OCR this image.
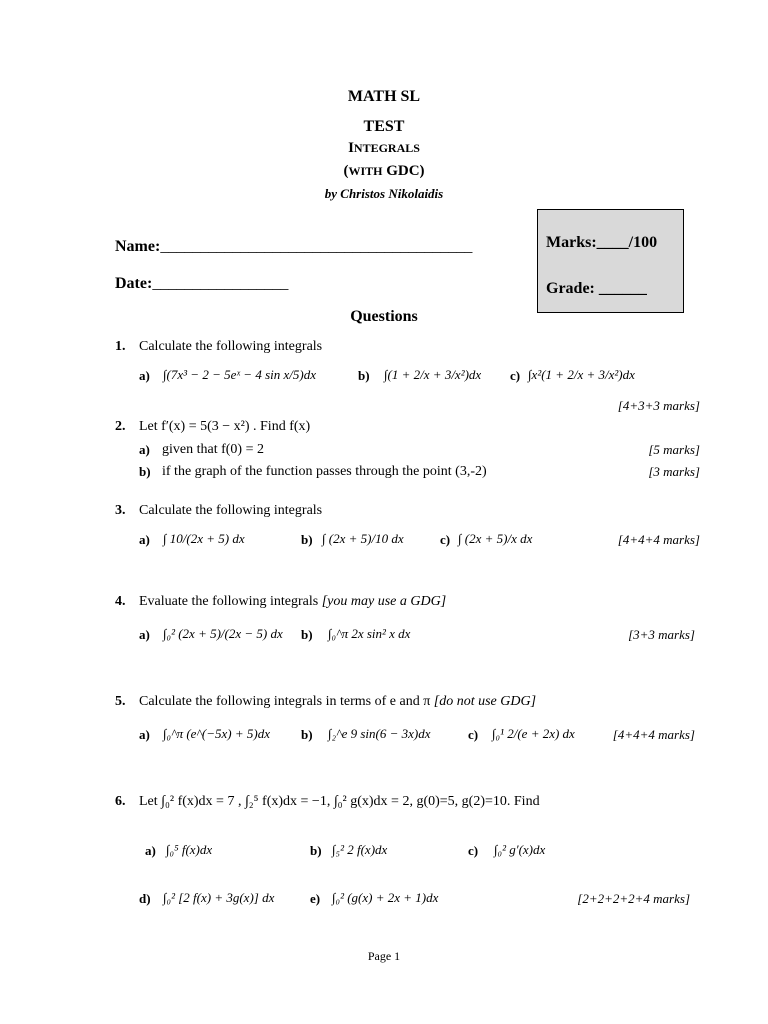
MATH SL
TEST
INTEGRALS
(WITH GDC)
by Christos Nikolaidis
Name:_______________________________________
Date:_________________
Marks:____/100
Grade: ______
Questions
1. Calculate the following integrals
a) ∫(7x³ − 2 − 5eˣ − 4 sin x/5)dx	b) ∫(1 + 2/x + 3/x²)dx c) ∫x²(1 + 2/x + 3/x²)dx
[4+3+3 marks]
2. Let f′(x) = 5(3 − x²) . Find f(x)
a) given that f(0) = 2	[5 marks]
b) if the graph of the function passes through the point (3,-2)	[3 marks]
3. Calculate the following integrals
a) ∫ 10/(2x + 5) dx	b) ∫ (2x + 5)/10 dx	c) ∫ (2x + 5)/x dx	[4+4+4 marks]
4. Evaluate the following integrals [you may use a GDG]
a) ∫₀² (2x + 5)/(2x − 5) dx b) ∫₀^π 2x sin² x dx	[3+3 marks]
5. Calculate the following integrals in terms of e and π [do not use GDG]
a) ∫₀^π (e^(−5x) + 5)dx b) ∫₂^e 9 sin(6 − 3x)dx	c) ∫₀¹ 2/(e + 2x) dx	[4+4+4 marks]
6. Let ∫₀² f(x)dx = 7 , ∫₂⁵ f(x)dx = −1, ∫₀² g(x)dx = 2, g(0)=5, g(2)=10. Find
a) ∫₀⁵ f(x)dx	b) ∫₅² 2 f(x)dx	c) ∫₀² g′(x)dx
d) ∫₀² [2 f(x) + 3g(x)] dx	e) ∫₀² (g(x) + 2x + 1)dx	[2+2+2+2+4 marks]
Page 1
